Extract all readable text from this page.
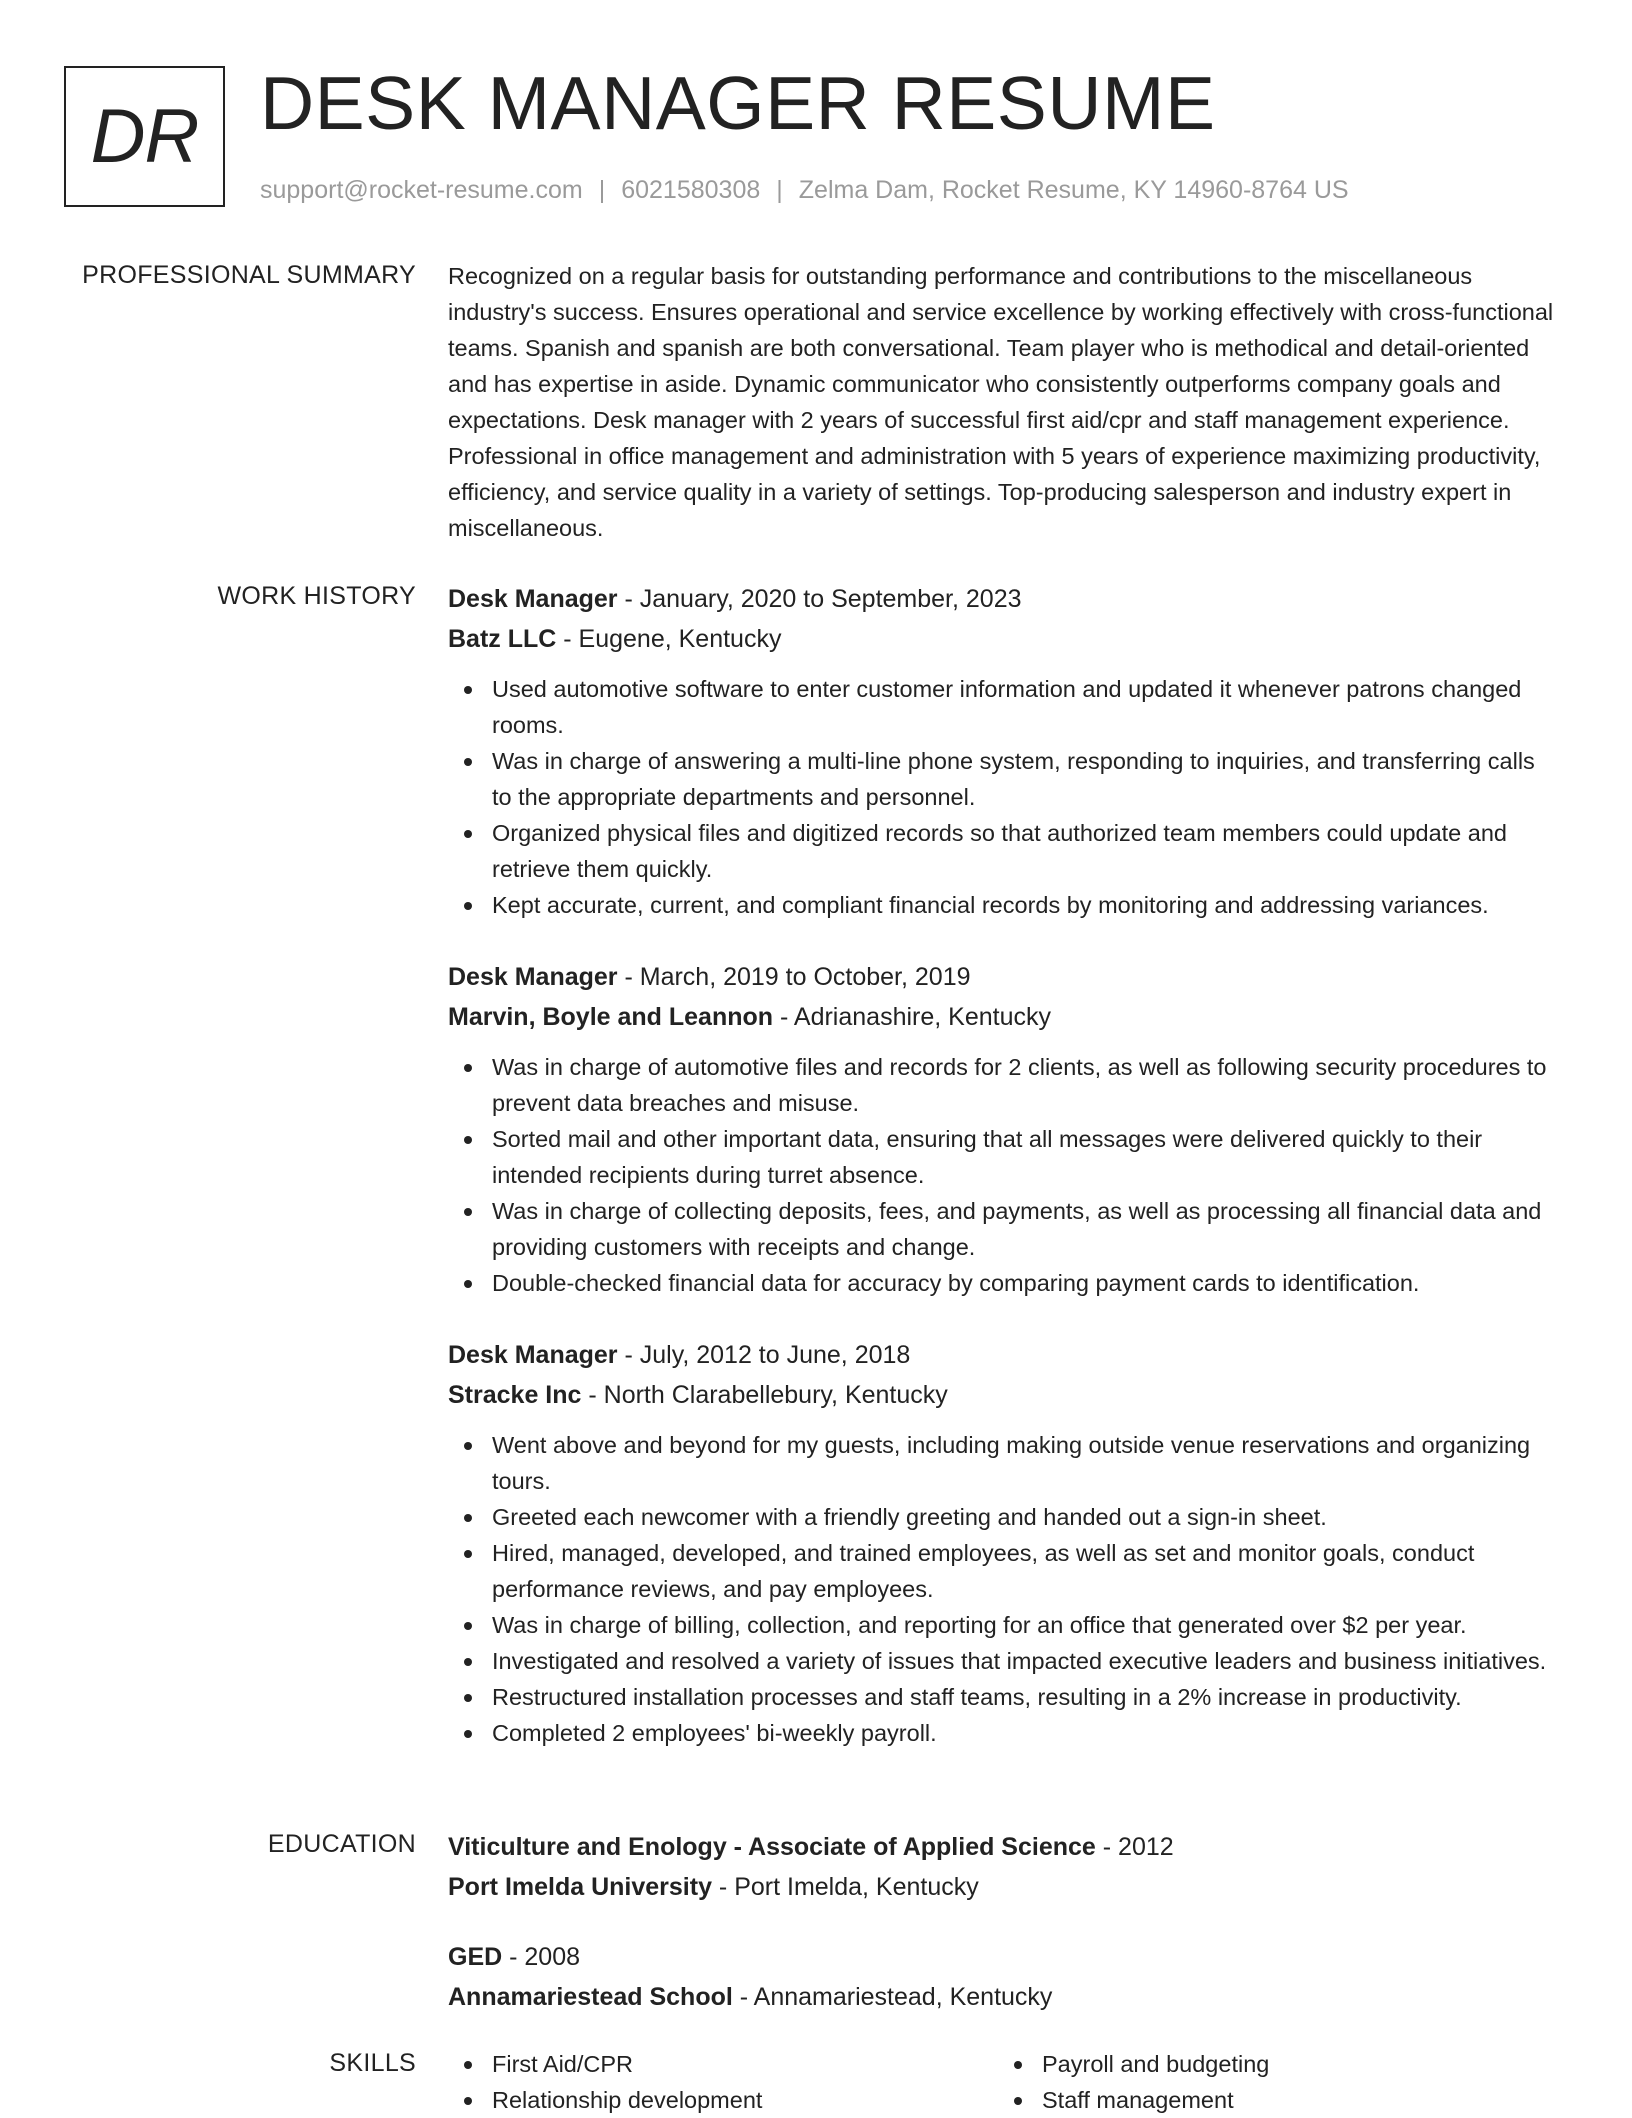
DR DESK MANAGER RESUME
support@rocket-resume.com | 6021580308 | Zelma Dam, Rocket Resume, KY 14960-8764 US
PROFESSIONAL SUMMARY Recognized on a regular basis for outstanding performance and contributions to the miscellaneous industry's success. Ensures operational and service excellence by working effectively with cross-functional teams. Spanish and spanish are both conversational. Team player who is methodical and detail-oriented and has expertise in aside. Dynamic communicator who consistently outperforms company goals and expectations. Desk manager with 2 years of successful first aid/cpr and staff management experience. Professional in office management and administration with 5 years of experience maximizing productivity, efficiency, and service quality in a variety of settings. Top-producing salesperson and industry expert in miscellaneous.

WORK HISTORY Desk Manager - January, 2020 to September, 2023
Batz LLC - Eugene, Kentucky
Used automotive software to enter customer information and updated it whenever patrons changed rooms.
Was in charge of answering a multi-line phone system, responding to inquiries, and transferring calls to the appropriate departments and personnel.
Organized physical files and digitized records so that authorized team members could update and retrieve them quickly.
Kept accurate, current, and compliant financial records by monitoring and addressing variances.
Desk Manager - March, 2019 to October, 2019
Marvin, Boyle and Leannon - Adrianashire, Kentucky
Was in charge of automotive files and records for 2 clients, as well as following security procedures to prevent data breaches and misuse.
Sorted mail and other important data, ensuring that all messages were delivered quickly to their intended recipients during turret absence.
Was in charge of collecting deposits, fees, and payments, as well as processing all financial data and providing customers with receipts and change.
Double-checked financial data for accuracy by comparing payment cards to identification.
Desk Manager - July, 2012 to June, 2018
Stracke Inc - North Clarabellebury, Kentucky
Went above and beyond for my guests, including making outside venue reservations and organizing tours.
Greeted each newcomer with a friendly greeting and handed out a sign-in sheet.
Hired, managed, developed, and trained employees, as well as set and monitor goals, conduct performance reviews, and pay employees.
Was in charge of billing, collection, and reporting for an office that generated over $2 per year.
Investigated and resolved a variety of issues that impacted executive leaders and business initiatives.
Restructured installation processes and staff teams, resulting in a 2% increase in productivity.
Completed 2 employees' bi-weekly payroll.
EDUCATION Viticulture and Enology - Associate of Applied Science - 2012
Port Imelda University - Port Imelda, Kentucky
GED - 2008
Annamariestead School - Annamariestead, Kentucky
SKILLS	First Aid/CPR
Relationship development
Payroll and budgeting
Staff management
